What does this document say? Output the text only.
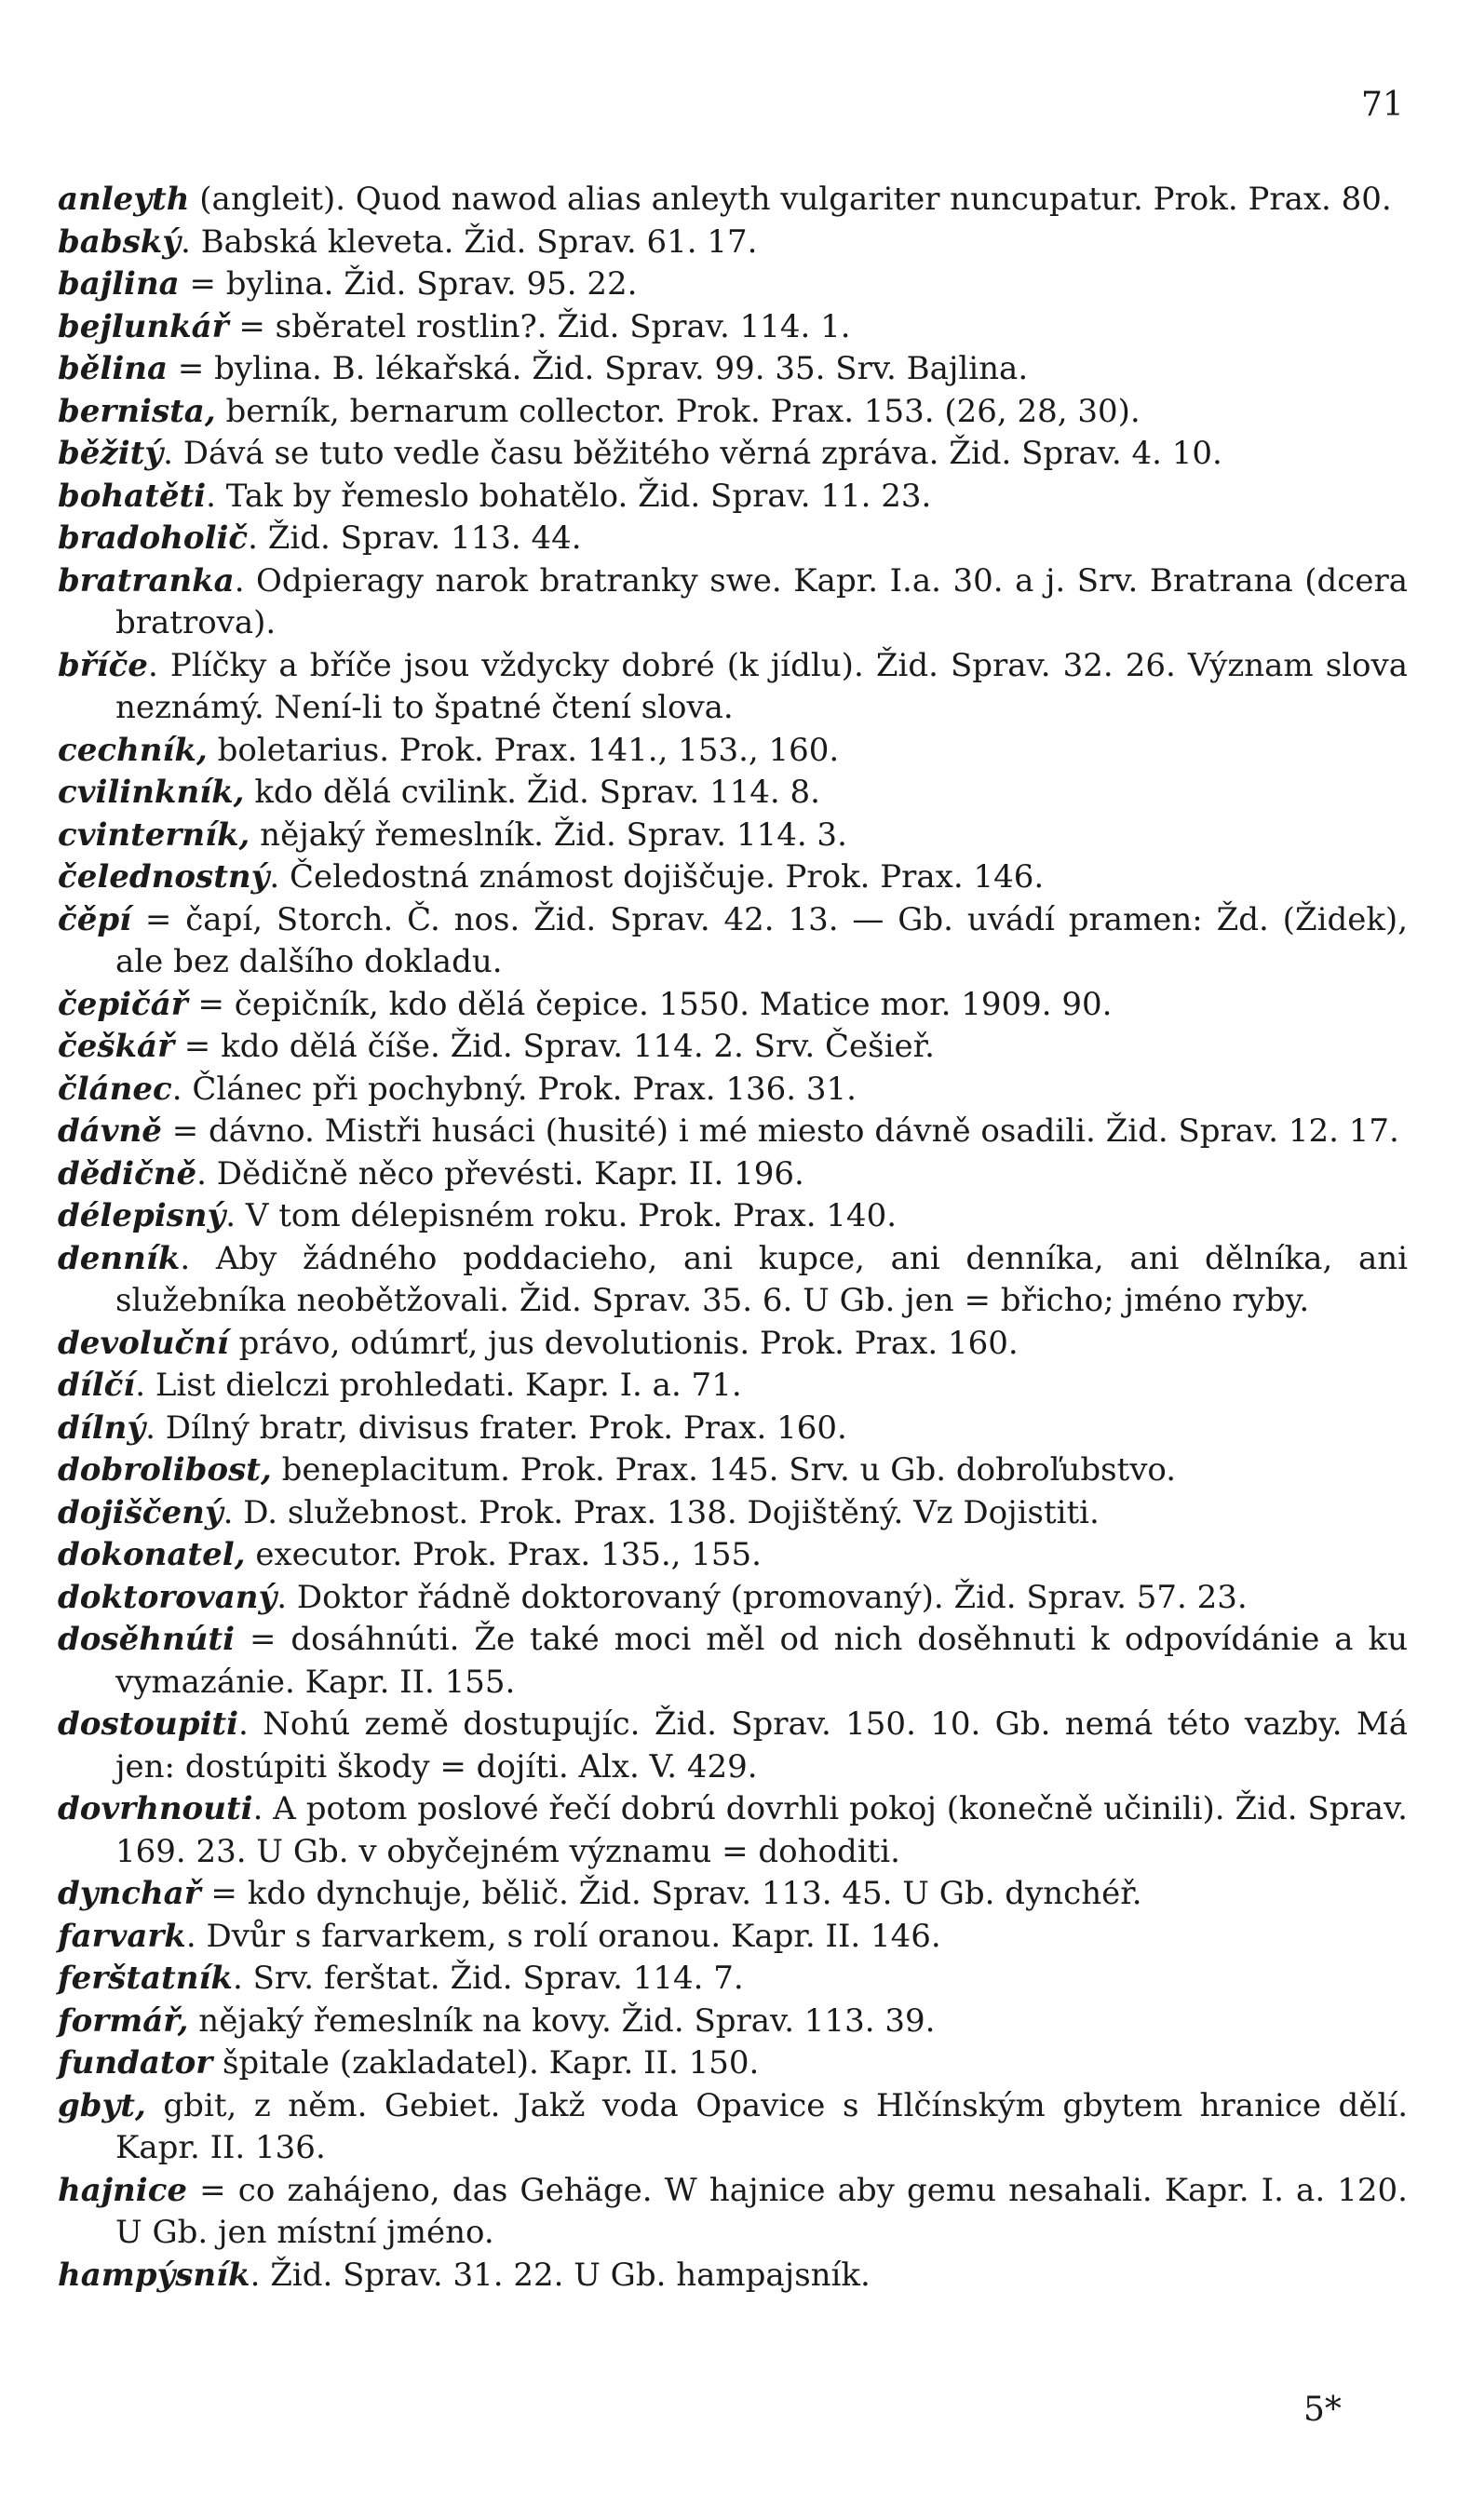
71

anleyth (angleit). Quod nawod alias anleyth vulgariter nuncupatur. Prok. Prax. 80.

babský. Babská kleveta. Žid. Sprav. 61. 17.

bajlina = bylina. Žid. Sprav. 95. 22.

bejlunkář = sběratel rostlin?. Žid. Sprav. 114. 1.

bělina = bylina. B. lékařská. Žid. Sprav. 99. 35. Srv. Bajlina.

bernista, berník, bernarum collector. Prok. Prax. 153. (26, 28, 30).

běžitý. Dává se tuto vedle času běžitého věrná zpráva. Žid. Sprav. 4. 10.

bohatěti. Tak by řemeslo bohatělo. Žid. Sprav. 11. 23.

bradoholič. Žid. Sprav. 113. 44.

bratranka. Odpieragy narok bratranky swe. Kapr. I.a. 30. a j. Srv. Bratrana (dcera bratrova).

bříče. Plíčky a bříče jsou vždycky dobré (k jídlu). Žid. Sprav. 32. 26. Význam slova neznámý. Není-li to špatné čtení slova.

cechník, boletarius. Prok. Prax. 141., 153., 160.

cvilinkník, kdo dělá cvilink. Žid. Sprav. 114. 8.

cvinterník, nějaký řemeslník. Žid. Sprav. 114. 3.

čelednostný. Čeledostná známost dojiščuje. Prok. Prax. 146.

čěpí = čapí, Storch. Č. nos. Žid. Sprav. 42. 13. — Gb. uvádí pramen: Žd. (Židek), ale bez dalšího dokladu.

čepičář = čepičník, kdo dělá čepice. 1550. Matice mor. 1909. 90.

češkář = kdo dělá číše. Žid. Sprav. 114. 2. Srv. Češieř.

článec. Článec při pochybný. Prok. Prax. 136. 31.

dávně = dávno. Mistři husáci (husité) i mé miesto dávně osadili. Žid. Sprav. 12. 17.

dědičně. Dědičně něco převésti. Kapr. II. 196.

délepisný. V tom délepisném roku. Prok. Prax. 140.

denník. Aby žádného poddacieho, ani kupce, ani denníka, ani dělníka, ani služebníka neobětžovali. Žid. Sprav. 35. 6. U Gb. jen = břicho; jméno ryby.

devoluční právo, odúmrť, jus devolutionis. Prok. Prax. 160.

dílčí. List dielczi prohledati. Kapr. I. a. 71.

dílný. Dílný bratr, divisus frater. Prok. Prax. 160.

dobrolibost, beneplacitum. Prok. Prax. 145. Srv. u Gb. dobroľubstvo.

dojiščený. D. služebnost. Prok. Prax. 138. Dojištěný. Vz Dojistiti.

dokonatel, executor. Prok. Prax. 135., 155.

doktorovaný. Doktor řádně doktorovaný (promovaný). Žid. Sprav. 57. 23.

dosěhnúti = dosáhnúti. Že také moci měl od nich dosěhnuti k odpovídánie a ku vymazánie. Kapr. II. 155.

dostoupiti. Nohú země dostupujíc. Žid. Sprav. 150. 10. Gb. nemá této vazby. Má jen: dostúpiti škody = dojíti. Alx. V. 429.

dovrhnouti. A potom poslové řečí dobrú dovrhli pokoj (konečně učinili). Žid. Sprav. 169. 23. U Gb. v obyčejném významu = dohoditi.

dynchař = kdo dynchuje, bělič. Žid. Sprav. 113. 45. U Gb. dynchéř.

farvark. Dvůr s farvarkem, s rolí oranou. Kapr. II. 146.

ferštatník. Srv. ferštat. Žid. Sprav. 114. 7.

formář, nějaký řemeslník na kovy. Žid. Sprav. 113. 39.

fundator špitale (zakladatel). Kapr. II. 150.

gbyt, gbit, z něm. Gebiet. Jakž voda Opavice s Hlčínským gbytem hranice dělí. Kapr. II. 136.

hajnice = co zahájeno, das Gehäge. W hajnice aby gemu nesahali. Kapr. I. a. 120. U Gb. jen místní jméno.

hampýsník. Žid. Sprav. 31. 22. U Gb. hampajsník.

5*
